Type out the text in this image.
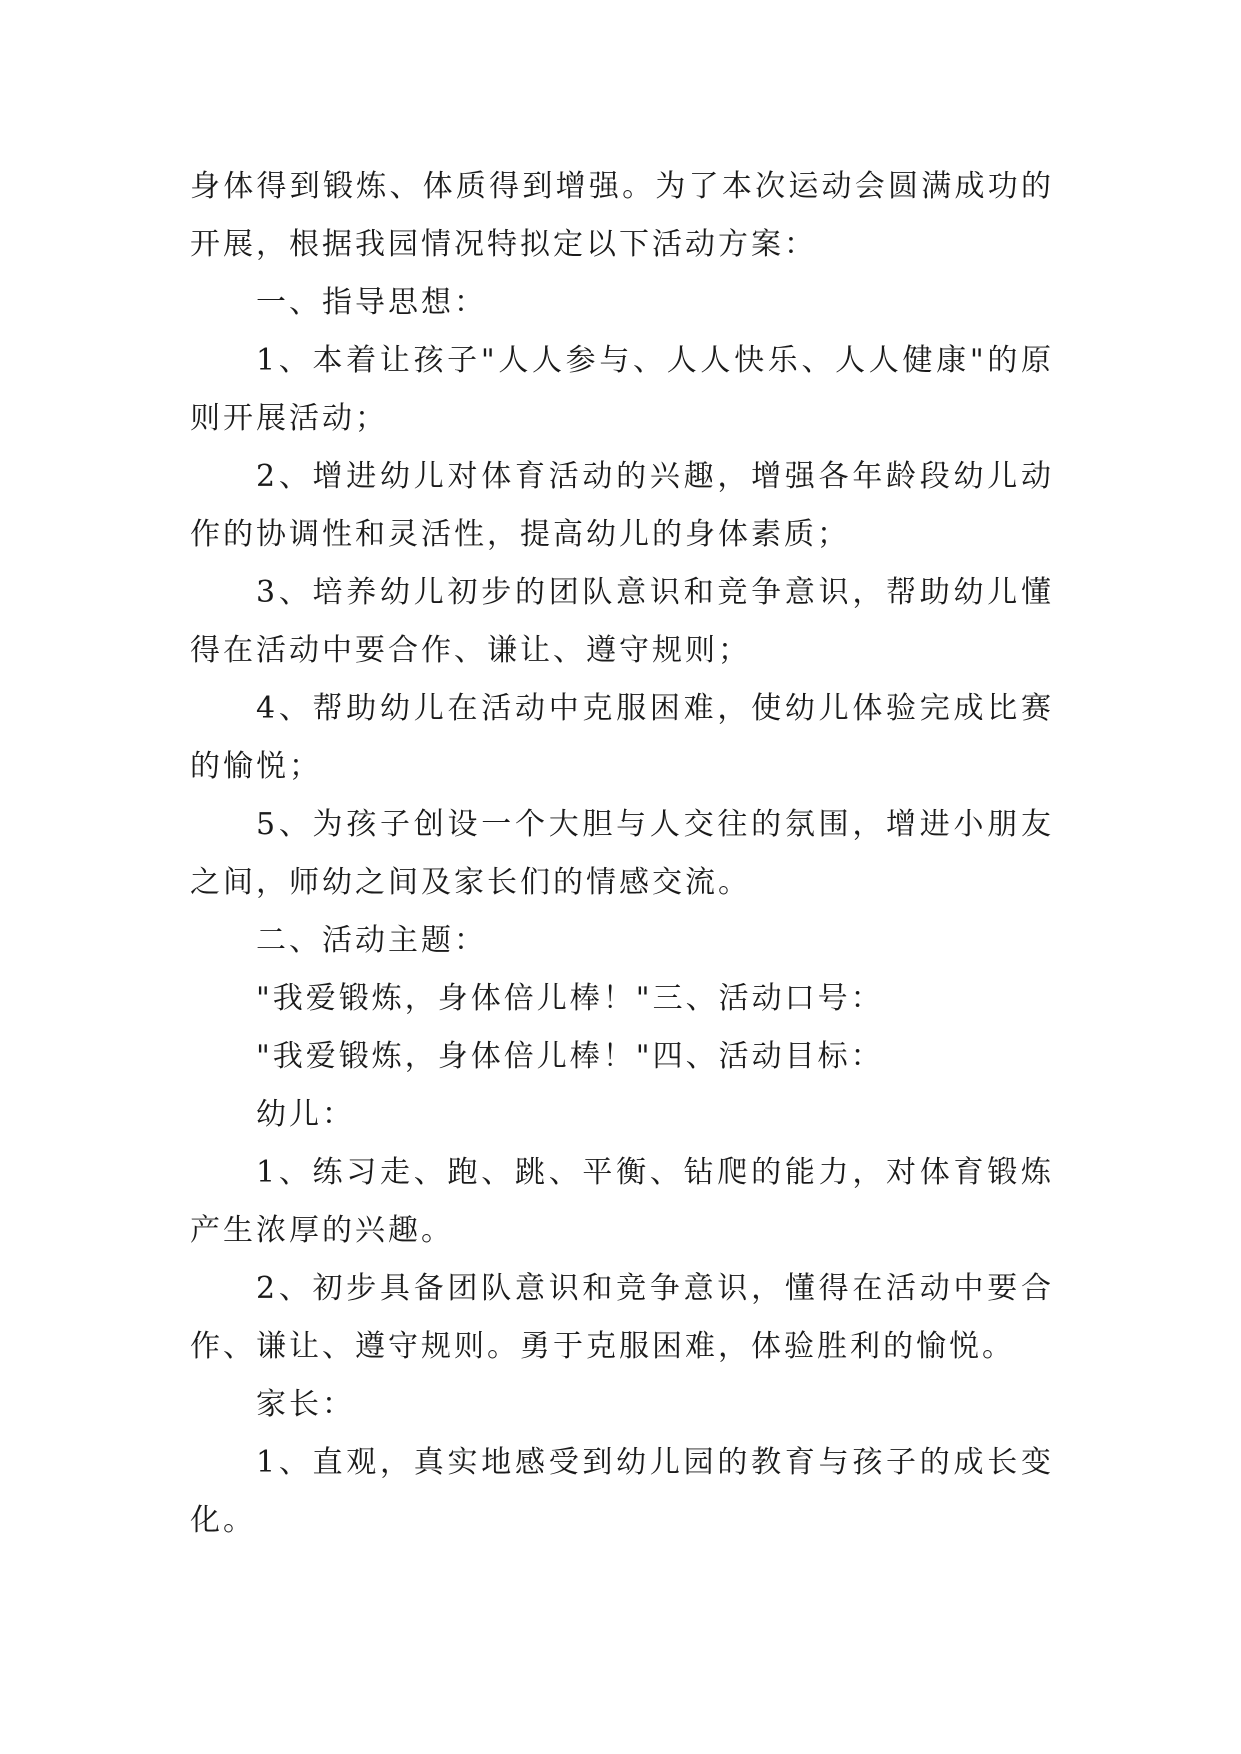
身体得到锻炼、体质得到增强。为了本次运动会圆满成功的开展，根据我园情况特拟定以下活动方案：

一、指导思想：

1、本着让孩子"人人参与、人人快乐、人人健康"的原则开展活动；

2、增进幼儿对体育活动的兴趣，增强各年龄段幼儿动作的协调性和灵活性，提高幼儿的身体素质；

3、培养幼儿初步的团队意识和竞争意识，帮助幼儿懂得在活动中要合作、谦让、遵守规则；

4、帮助幼儿在活动中克服困难，使幼儿体验完成比赛的愉悦；

5、为孩子创设一个大胆与人交往的氛围，增进小朋友之间，师幼之间及家长们的情感交流。

二、活动主题：

"我爱锻炼，身体倍儿棒！"三、活动口号：

"我爱锻炼，身体倍儿棒！"四、活动目标：

幼儿：

1、练习走、跑、跳、平衡、钻爬的能力，对体育锻炼产生浓厚的兴趣。

2、初步具备团队意识和竞争意识，懂得在活动中要合作、谦让、遵守规则。勇于克服困难，体验胜利的愉悦。

家长：

1、直观，真实地感受到幼儿园的教育与孩子的成长变化。
